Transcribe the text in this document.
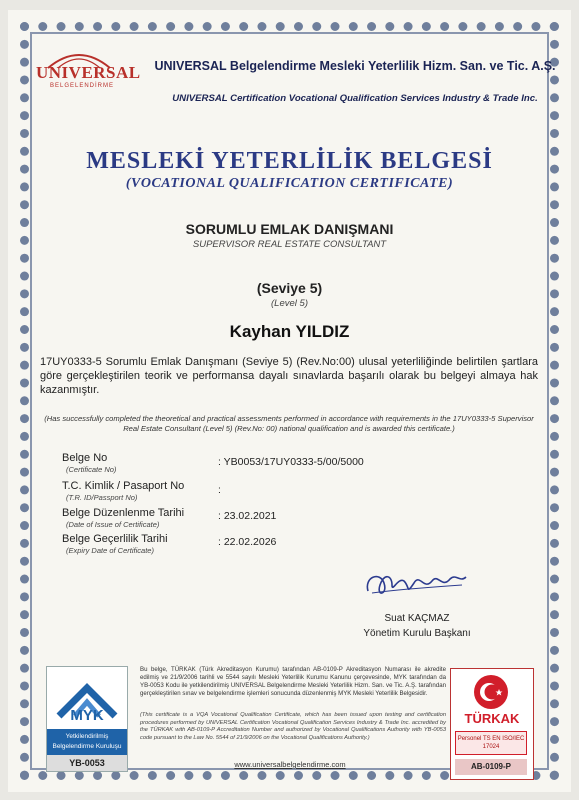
UNIVERSAL
BELGELENDİRME
UNIVERSAL Belgelendirme Mesleki Yeterlilik Hizm. San. ve Tic. A.Ş.
UNIVERSAL Certification Vocational Qualification Services Industry & Trade Inc.
MESLEKİ YETERLİLİK BELGESİ
(VOCATIONAL QUALIFICATION CERTIFICATE)
SORUMLU EMLAK DANIŞMANI
SUPERVISOR REAL ESTATE CONSULTANT
(Seviye 5)
(Level 5)
Kayhan YILDIZ
17UY0333-5 Sorumlu Emlak Danışmanı (Seviye 5) (Rev.No:00) ulusal yeterliliğinde belirtilen şartlara göre gerçekleştirilen teorik ve performansa dayalı sınavlarda başarılı olarak bu belgeyi almaya hak kazanmıştır.
(Has successfully completed the theoretical and practical assessments performed in accordance with requirements in the 17UY0333-5 Supervisor Real Estate Consultant (Level 5) (Rev.No: 00) national qualification and is awarded this certificate.)
Belge No
(Certificate No)
: YB0053/17UY0333-5/00/5000
T.C. Kimlik / Pasaport No
(T.R. ID/Passport No)
:
Belge Düzenlenme Tarihi
(Date of Issue of Certificate)
: 23.02.2021
Belge Geçerlilik Tarihi
(Expiry Date of Certificate)
: 22.02.2026
Suat KAÇMAZ
Yönetim Kurulu Başkanı
MYK
Yetkilendirilmiş Belgelendirme Kuruluşu
YB-0053
Bu belge, TÜRKAK (Türk Akreditasyon Kurumu) tarafından AB-0109-P Akreditasyon Numarası ile akredite edilmiş ve 21/9/2006 tarihli ve 5544 sayılı Mesleki Yeterlilik Kurumu Kanunu çerçevesinde, MYK tarafından da YB-0053 Kodu ile yetkilendirilmiş UNIVERSAL Belgelendirme Mesleki Yeterlilik Hizm. San. ve Tic. A.Ş. tarafından gerçekleştirilen sınav ve belgelendirme işlemleri sonucunda düzenlenmiş MYK Mesleki Yeterlilik Belgesidir.
(This certificate is a VQA Vocational Qualification Certificate, which has been issued upon testing and certification procedures performed by UNIVERSAL Certification Vocational Qualification Services Industry & Trade Inc. accredited by the TÜRKAK with AB-0109-P Accreditation Number and authorized by Vocational Qualifications Authority with YB-0053 code pursuant to the Law No. 5544 of 21/9/2006 on the Vocational Qualifications Authority.)
www.universalbelgelendirme.com
TÜRKAK
Personel TS EN ISO/IEC 17024
AB-0109-P
